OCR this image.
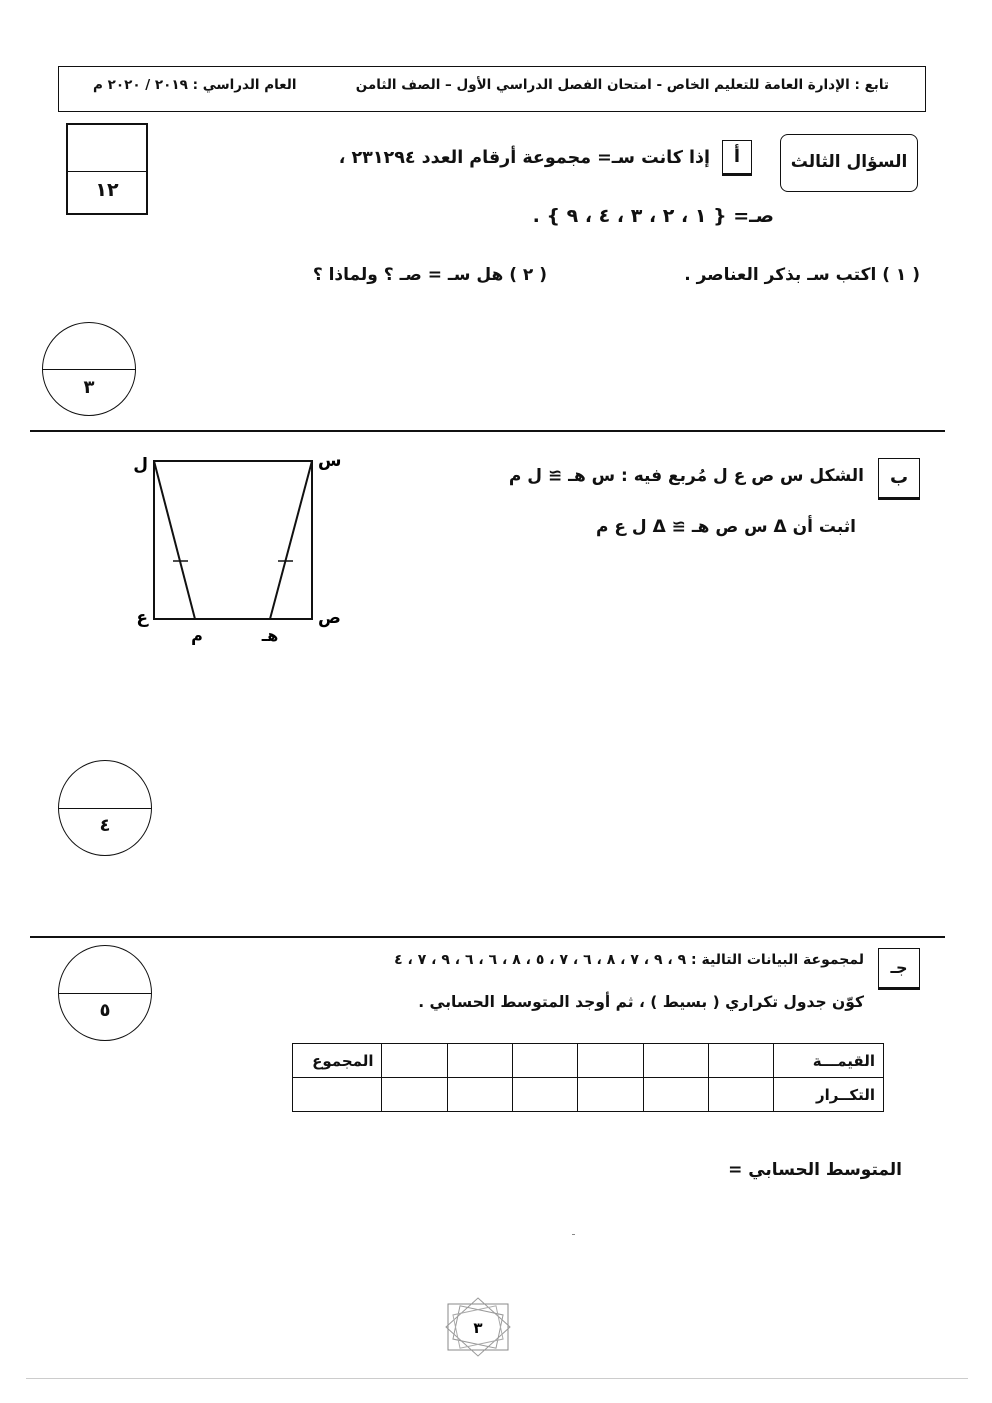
تابع : الإدارة العامة للتعليم الخاص - امتحان الفصل الدراسي الأول – الصف الثامن
العام الدراسي : ٢٠١٩ / ٢٠٢٠ م
١٢
السؤال الثالث
أ
إذا كانت سـ= مجموعة أرقام العدد ٢٣١٢٩٤ ،
صـ= { ١ ، ٢ ، ٣ ، ٤ ، ٩ } .
( ١ ) اكتب سـ بذكر العناصر .
( ٢ ) هل سـ = صـ ؟ ولماذا ؟
٣
ب
الشكل س ص ع ل مُربع فيه : س هـ ≅ ل م
اثبت أن Δ س ص هـ ≅ Δ ل ع م
ل	س
ص
ع
م	هـ
٤
جـ
لمجموعة البيانات التالية : ٩ ، ٩ ، ٧ ، ٨ ، ٦ ، ٧ ، ٥ ، ٨ ، ٦ ، ٦ ، ٩ ، ٧ ، ٤
كوّن جدول تكراري ( بسيط ) ، ثم أوجد المتوسط الحسابي .
٥
القيمـــة							المجموع
التكــرار							
المتوسط الحسابي =
٣
